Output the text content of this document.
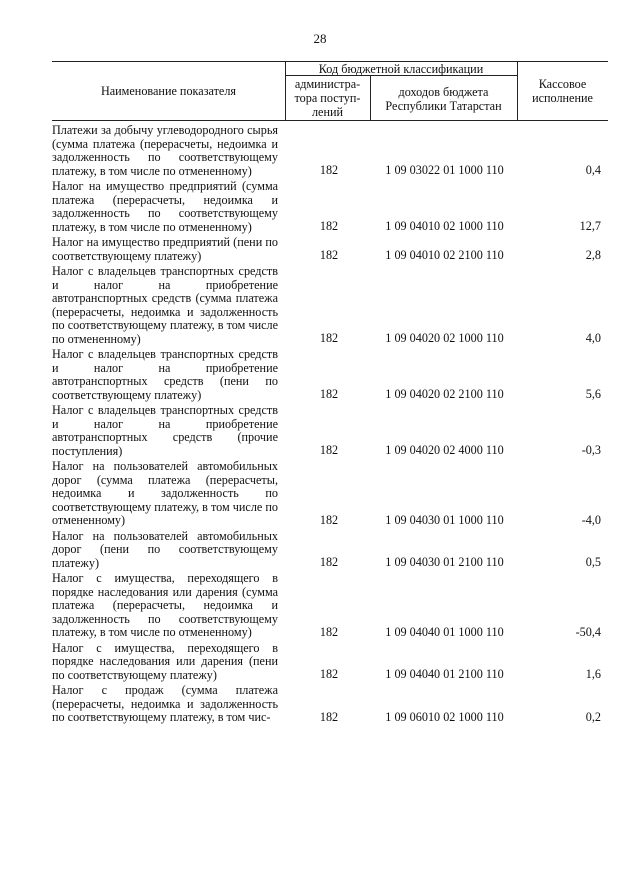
28
Наименование показателя
Код бюджетной классификации
администра-
тора поступ-
лений
доходов бюджета
Республики Татарстан
Кассовое
исполнение
Платежи за добычу углеводородного сырья (сумма платежа (перерасчеты, недоимка и задолженность по соответствующему платежу, в том числе по отмененному)	182	1 09 03022 01 1000 110	0,4
Налог на имущество предприятий (сумма платежа (перерасчеты, недоимка и задолженность по соответствующему платежу, в том числе по отмененному)	182	1 09 04010 02 1000 110	12,7
Налог на имущество предприятий (пени по соответствующему платежу)	182	1 09 04010 02 2100 110	2,8
Налог с владельцев транспортных средств и налог на приобретение автотранспортных средств (сумма платежа (перерасчеты, недоимка и задолженность по соответствующему платежу, в том числе по отмененному)	182	1 09 04020 02 1000 110	4,0
Налог с владельцев транспортных средств и налог на приобретение автотранспортных средств (пени по соответствующему платежу)	182	1 09 04020 02 2100 110	5,6
Налог с владельцев транспортных средств и налог на приобретение автотранспортных средств (прочие поступления)	182	1 09 04020 02 4000 110	-0,3
Налог на пользователей автомобильных дорог (сумма платежа (перерасчеты, недоимка и задолженность по соответствующему платежу, в том числе по отмененному)	182	1 09 04030 01 1000 110	-4,0
Налог на пользователей автомобильных дорог (пени по соответствующему платежу)	182	1 09 04030 01 2100 110	0,5
Налог с имущества, переходящего в порядке наследования или дарения (сумма платежа (перерасчеты, недоимка и задолженность по соответствующему платежу, в том числе по отмененному)	182	1 09 04040 01 1000 110	-50,4
Налог с имущества, переходящего в порядке наследования или дарения (пени по соответствующему платежу)	182	1 09 04040 01 2100 110	1,6
Налог с продаж (сумма платежа (перерасчеты, недоимка и задолженность по соответствующему платежу, в том чис-	182	1 09 06010 02 1000 110	0,2
